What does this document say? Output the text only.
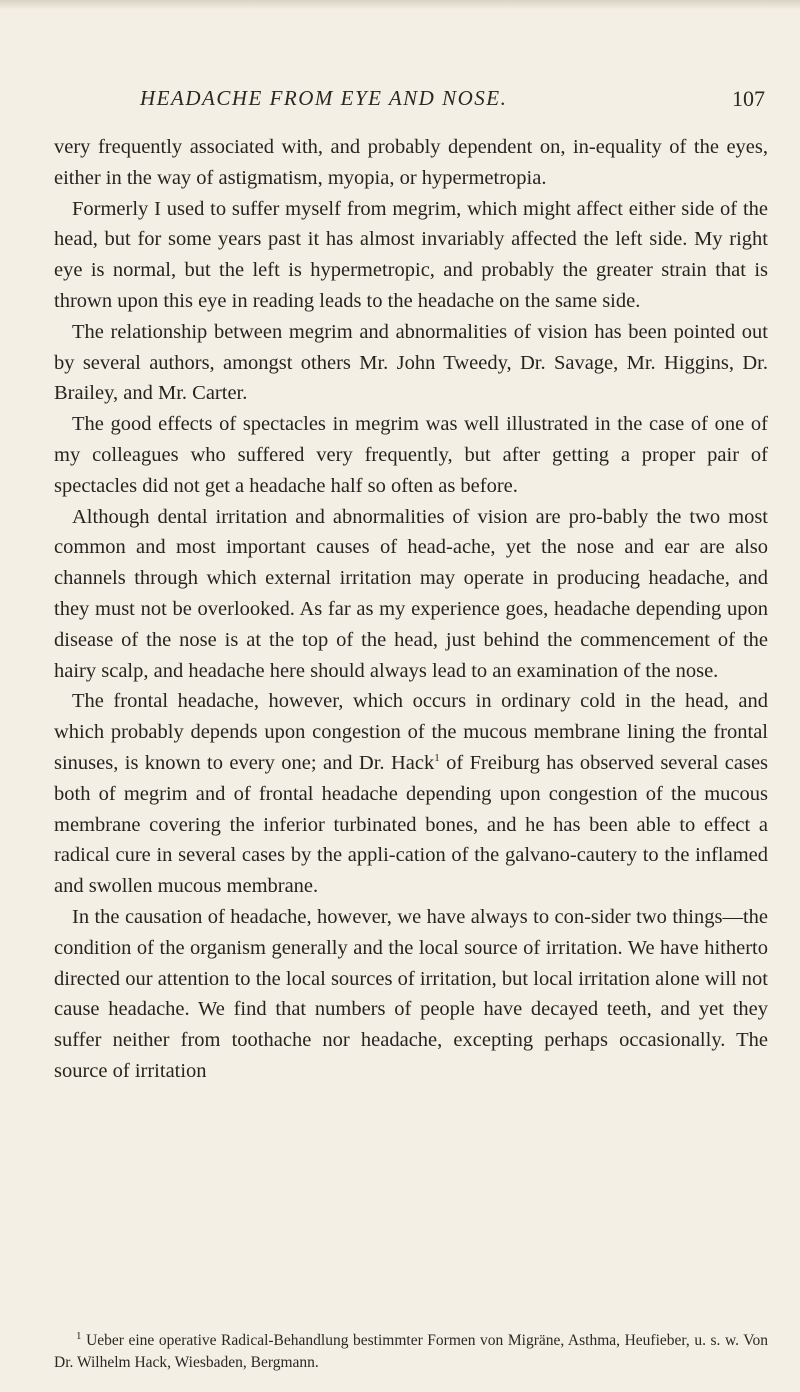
HEADACHE FROM EYE AND NOSE.	107

very frequently associated with, and probably dependent on, in-equality of the eyes, either in the way of astigmatism, myopia, or hypermetropia.

Formerly I used to suffer myself from megrim, which might affect either side of the head, but for some years past it has almost invariably affected the left side. My right eye is normal, but the left is hypermetropic, and probably the greater strain that is thrown upon this eye in reading leads to the headache on the same side.

The relationship between megrim and abnormalities of vision has been pointed out by several authors, amongst others Mr. John Tweedy, Dr. Savage, Mr. Higgins, Dr. Brailey, and Mr. Carter.

The good effects of spectacles in megrim was well illustrated in the case of one of my colleagues who suffered very frequently, but after getting a proper pair of spectacles did not get a headache half so often as before.

Although dental irritation and abnormalities of vision are pro-bably the two most common and most important causes of head-ache, yet the nose and ear are also channels through which external irritation may operate in producing headache, and they must not be overlooked. As far as my experience goes, headache depending upon disease of the nose is at the top of the head, just behind the commencement of the hairy scalp, and headache here should always lead to an examination of the nose.

The frontal headache, however, which occurs in ordinary cold in the head, and which probably depends upon congestion of the mucous membrane lining the frontal sinuses, is known to every one; and Dr. Hack$^1$ of Freiburg has observed several cases both of megrim and of frontal headache depending upon congestion of the mucous membrane covering the inferior turbinated bones, and he has been able to effect a radical cure in several cases by the appli-cation of the galvano-cautery to the inflamed and swollen mucous membrane.

In the causation of headache, however, we have always to con-sider two things—the condition of the organism generally and the local source of irritation. We have hitherto directed our attention to the local sources of irritation, but local irritation alone will not cause headache. We find that numbers of people have decayed teeth, and yet they suffer neither from toothache nor headache, excepting perhaps occasionally. The source of irritation

$^1$ Ueber eine operative Radical-Behandlung bestimmter Formen von Migräne, Asthma, Heufieber, u. s. w. Von Dr. Wilhelm Hack, Wiesbaden, Bergmann.
